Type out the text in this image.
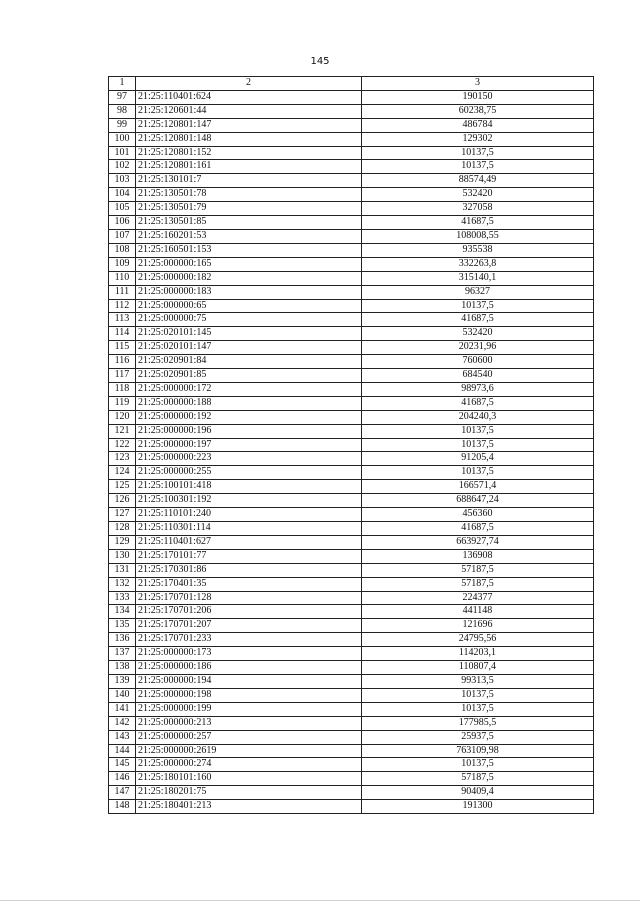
145
1	2	3
97	21:25:110401:624	190150
98	21:25:120601:44	60238,75
99	21:25:120801:147	486784
100	21:25:120801:148	129302
101	21:25:120801:152	10137,5
102	21:25:120801:161	10137,5
103	21:25:130101:7	88574,49
104	21:25:130501:78	532420
105	21:25:130501:79	327058
106	21:25:130501:85	41687,5
107	21:25:160201:53	108008,55
108	21:25:160501:153	935538
109	21:25:000000:165	332263,8
110	21:25:000000:182	315140,1
111	21:25:000000:183	96327
112	21:25:000000:65	10137,5
113	21:25:000000:75	41687,5
114	21:25:020101:145	532420
115	21:25:020101:147	20231,96
116	21:25:020901:84	760600
117	21:25:020901:85	684540
118	21:25:000000:172	98973,6
119	21:25:000000:188	41687,5
120	21:25:000000:192	204240,3
121	21:25:000000:196	10137,5
122	21:25:000000:197	10137,5
123	21:25:000000:223	91205,4
124	21:25:000000:255	10137,5
125	21:25:100101:418	166571,4
126	21:25:100301:192	688647,24
127	21:25:110101:240	456360
128	21:25:110301:114	41687,5
129	21:25:110401:627	663927,74
130	21:25:170101:77	136908
131	21:25:170301:86	57187,5
132	21:25:170401:35	57187,5
133	21:25:170701:128	224377
134	21:25:170701:206	441148
135	21:25:170701:207	121696
136	21:25:170701:233	24795,56
137	21:25:000000:173	114203,1
138	21:25:000000:186	110807,4
139	21:25:000000:194	99313,5
140	21:25:000000:198	10137,5
141	21:25:000000:199	10137,5
142	21:25:000000:213	177985,5
143	21:25:000000:257	25937,5
144	21:25:000000:2619	763109,98
145	21:25:000000:274	10137,5
146	21:25:180101:160	57187,5
147	21:25:180201:75	90409,4
148	21:25:180401:213	191300
